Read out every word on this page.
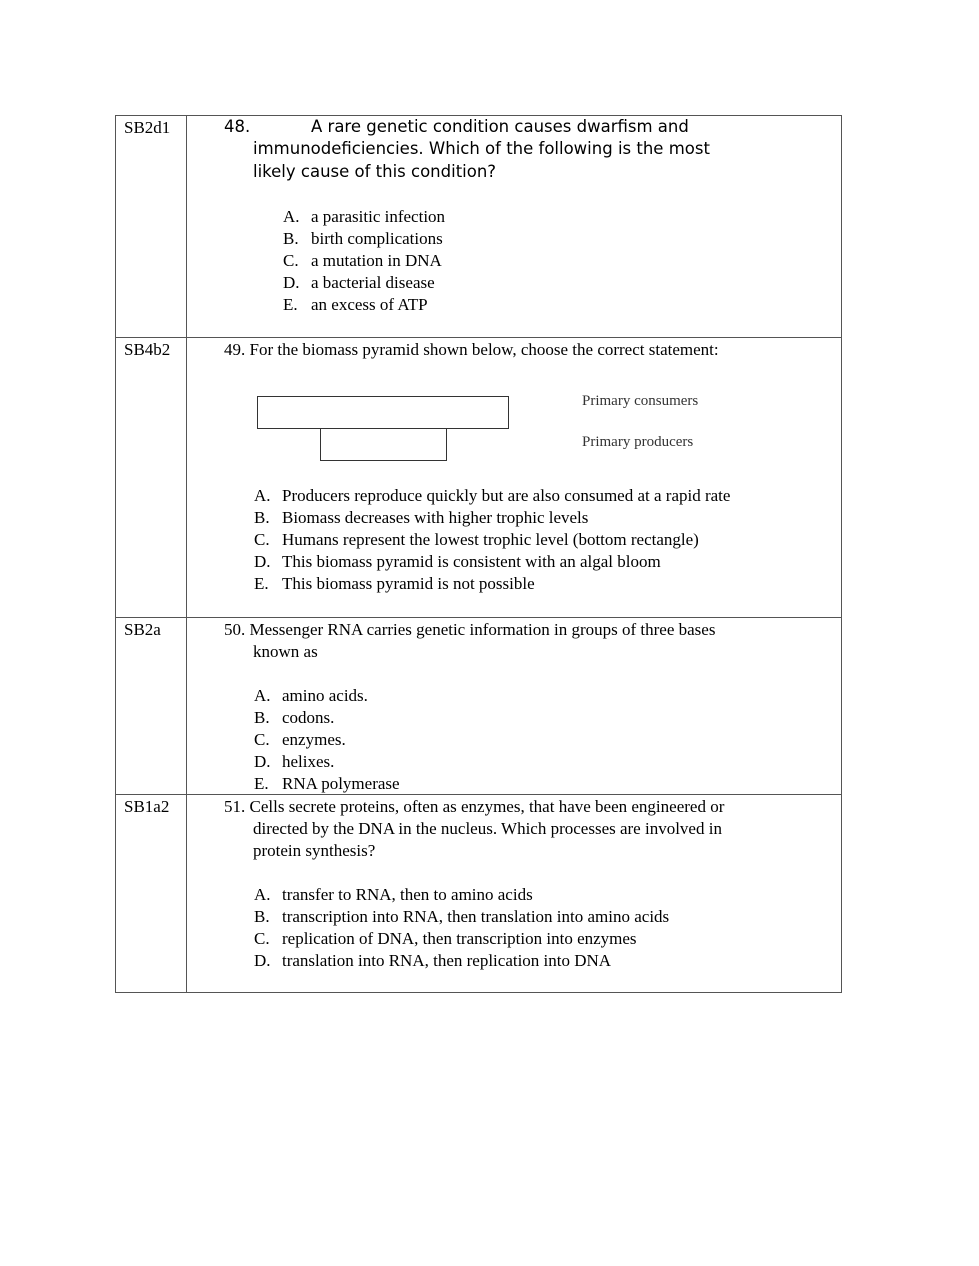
SB2d1	48.	A rare genetic condition causes dwarfism and
immunodeficiencies. Which of the following is the most
likely cause of this condition?
A. a parasitic infection
B. birth complications
C. a mutation in DNA
D. a bacterial disease
E. an excess of ATP
SB4b2	49. For the biomass pyramid shown below, choose the correct statement:
Primary consumers
Primary producers
A. Producers reproduce quickly but are also consumed at a rapid rate
B. Biomass decreases with higher trophic levels
C. Humans represent the lowest trophic level (bottom rectangle)
D. This biomass pyramid is consistent with an algal bloom
E. This biomass pyramid is not possible
SB2a	50. Messenger RNA carries genetic information in groups of three bases
known as
A. amino acids.
B. codons.
C. enzymes.
D. helixes.
E. RNA polymerase
SB1a2	51. Cells secrete proteins, often as enzymes, that have been engineered or
directed by the DNA in the nucleus. Which processes are involved in
protein synthesis?
A. transfer to RNA, then to amino acids
B. transcription into RNA, then translation into amino acids
C. replication of DNA, then transcription into enzymes
D. translation into RNA, then replication into DNA
